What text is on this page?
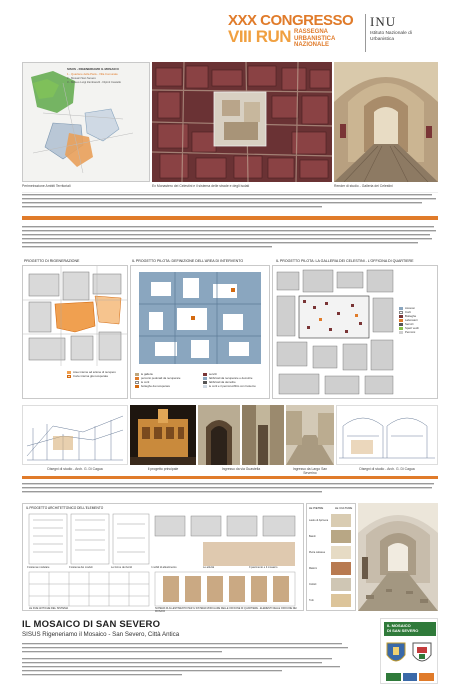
XXX CONGRESSO
VIII RUN RASSEGNA URBANISTICA NAZIONALE
INU
Istituto Nazionale di Urbanistica
SISUS - RIGENERIAMO IL MOSAICO
1 - Quartiere della Pietà - Villa Comunale
2 - Mosaici San Severo
3 - Museo Luigi Zambarelli - Dipinti Castello
Perimetrazione Ambiti Territoriali	Ex Monastero dei Celestini e il sistema delle strade e degli isolati	Render di studio - Galleria dei Celestini
PROGETTO DI RIGENERAZIONE	IL PROGETTO PILOTA: DEFINIZIONE DELL'AREA DI INTERVENTO	IL PROGETTO PILOTA: LA GALLERIA DEI CELESTINI - L'OFFICINA DI QUARTIERE
Aree interne ad azione di recupero
Corte interna già recuperata	le gallerie	servizi
percorsi pedonali da recuperare	fabbricati da recuperare e demolire
le corti	fabbricati da demolire
botteghe da recuperare	le corti e il percorso/filtro con l'esterno
Accessi
Corti
Botteghe
Laboratori
Servizi
Spazi verdi
Percorsi
Disegni di studio - Arch. G. Di Cagua	Il progetto principale	Ingresso da via Guastella	Ingresso da Largo San Severino
Disegni di studio - Arch. G. Di Cagua
IL PROGETTO ARCHITETTONICO DELL'ELEMENTO
Il sistema modulare	Il sistema dei moduli	Le forme dei bordi	I mobili di allestimento	Le attività	Il pavimento e il mosaico
LE DUE ANTICHE DEL SISTEMA	SCHEMA DI ALLESTIMENTO PER IL SISTEMA MODULARE DELLE OFFICINE DI QUARTIERE - ELEMENTI DELLE OFFICINE DEI MOSAICI
LE PIETRE	LE CULTURE
Lastre di Apricena
Basoli
Pietra calcarea
Mattoni
Ciottoli
Tufo
IL MOSAICO DI SAN SEVERO
SISUS Rigeneriamo il Mosaico - San Severo, Città Antica
IL MOSAICO
DI SAN SEVERO
